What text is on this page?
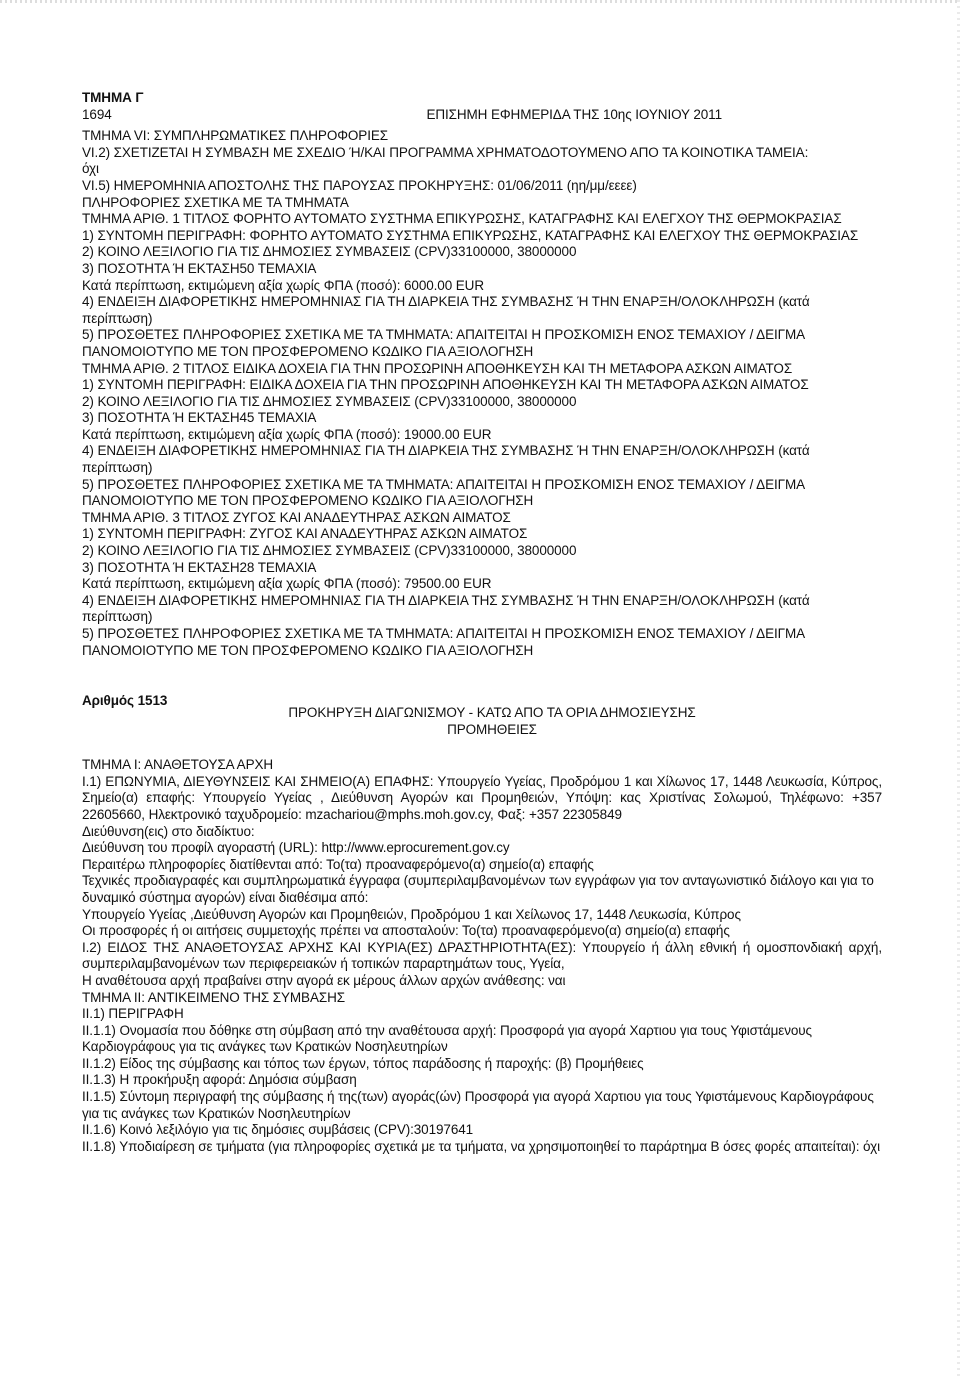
ΤΜΗΜΑ Γ

1694	ΕΠΙΣΗΜΗ ΕΦΗΜΕΡΙΔΑ ΤΗΣ 10ης ΙΟΥΝΙΟΥ 2011

ΤΜΗΜΑ VI: ΣΥΜΠΛΗΡΩΜΑΤΙΚΕΣ ΠΛΗΡΟΦΟΡΙΕΣ

VI.2) ΣΧΕΤΙΖΕΤΑΙ Η ΣΥΜΒΑΣΗ ΜΕ ΣΧΕΔΙΟ Ή/ΚΑΙ ΠΡΟΓΡΑΜΜΑ ΧΡΗΜΑΤΟΔΟΤΟΥΜΕΝΟ ΑΠΟ ΤΑ ΚΟΙΝΟΤΙΚΑ ΤΑΜΕΙΑ:

όχι

VI.5) ΗΜΕΡΟΜΗΝΙΑ ΑΠΟΣΤΟΛΗΣ ΤΗΣ ΠΑΡΟΥΣΑΣ ΠΡΟΚΗΡΥΞΗΣ: 01/06/2011 (ηη/μμ/εεεε)

ΠΛΗΡΟΦΟΡΙΕΣ ΣΧΕΤΙΚΑ ΜΕ ΤΑ ΤΜΗΜΑΤΑ

ΤΜΗΜΑ ΑΡΙΘ. 1 ΤΙΤΛΟΣ ΦΟΡΗΤΟ ΑΥΤΟΜΑΤΟ ΣΥΣΤΗΜΑ ΕΠΙΚΥΡΩΣΗΣ, ΚΑΤΑΓΡΑΦΗΣ ΚΑΙ ΕΛΕΓΧΟΥ ΤΗΣ ΘΕΡΜΟΚΡΑΣΙΑΣ

1) ΣΥΝΤΟΜΗ ΠΕΡΙΓΡΑΦΗ: ΦΟΡΗΤΟ ΑΥΤΟΜΑΤΟ ΣΥΣΤΗΜΑ ΕΠΙΚΥΡΩΣΗΣ, ΚΑΤΑΓΡΑΦΗΣ ΚΑΙ ΕΛΕΓΧΟΥ ΤΗΣ ΘΕΡΜΟΚΡΑΣΙΑΣ

2) ΚΟΙΝΟ ΛΕΞΙΛΟΓΙΟ ΓΙΑ ΤΙΣ ΔΗΜΟΣΙΕΣ ΣΥΜΒΑΣΕΙΣ (CPV)33100000, 38000000

3) ΠΟΣΟΤΗΤΑ Ή ΕΚΤΑΣΗ50 ΤΕΜΑΧΙΑ

Κατά περίπτωση, εκτιμώμενη αξία χωρίς ΦΠΑ (ποσό): 6000.00 EUR

4) ΕΝΔΕΙΞΗ ΔΙΑΦΟΡΕΤΙΚΗΣ ΗΜΕΡΟΜΗΝΙΑΣ ΓΙΑ ΤΗ ΔΙΑΡΚΕΙΑ ΤΗΣ ΣΥΜΒΑΣΗΣ Ή ΤΗΝ ΕΝΑΡΞΗ/ΟΛΟΚΛΗΡΩΣΗ (κατά περίπτωση)

5) ΠΡΟΣΘΕΤΕΣ ΠΛΗΡΟΦΟΡΙΕΣ ΣΧΕΤΙΚΑ ΜΕ ΤΑ ΤΜΗΜΑΤΑ: ΑΠΑΙΤΕΙΤΑΙ Η ΠΡΟΣΚΟΜΙΣΗ ΕΝΟΣ ΤΕΜΑΧΙΟΥ / ΔΕΙΓΜΑ ΠΑΝΟΜΟΙΟΤΥΠΟ ΜΕ ΤΟΝ ΠΡΟΣΦΕΡΟΜΕΝΟ ΚΩΔΙΚΟ ΓΙΑ ΑΞΙΟΛΟΓΗΣΗ

ΤΜΗΜΑ ΑΡΙΘ. 2 ΤΙΤΛΟΣ ΕΙΔΙΚΑ ΔΟΧΕΙΑ ΓΙΑ ΤΗΝ ΠΡΟΣΩΡΙΝΗ ΑΠΟΘΗΚΕΥΣΗ ΚΑΙ ΤΗ ΜΕΤΑΦΟΡΑ ΑΣΚΩΝ ΑΙΜΑΤΟΣ

1) ΣΥΝΤΟΜΗ ΠΕΡΙΓΡΑΦΗ: ΕΙΔΙΚΑ ΔΟΧΕΙΑ ΓΙΑ ΤΗΝ ΠΡΟΣΩΡΙΝΗ ΑΠΟΘΗΚΕΥΣΗ ΚΑΙ ΤΗ ΜΕΤΑΦΟΡΑ ΑΣΚΩΝ ΑΙΜΑΤΟΣ

2) ΚΟΙΝΟ ΛΕΞΙΛΟΓΙΟ ΓΙΑ ΤΙΣ ΔΗΜΟΣΙΕΣ ΣΥΜΒΑΣΕΙΣ (CPV)33100000, 38000000

3) ΠΟΣΟΤΗΤΑ Ή ΕΚΤΑΣΗ45 ΤΕΜΑΧΙΑ

Κατά περίπτωση, εκτιμώμενη αξία χωρίς ΦΠΑ (ποσό): 19000.00 EUR

4) ΕΝΔΕΙΞΗ ΔΙΑΦΟΡΕΤΙΚΗΣ ΗΜΕΡΟΜΗΝΙΑΣ ΓΙΑ ΤΗ ΔΙΑΡΚΕΙΑ ΤΗΣ ΣΥΜΒΑΣΗΣ Ή ΤΗΝ ΕΝΑΡΞΗ/ΟΛΟΚΛΗΡΩΣΗ (κατά περίπτωση)

5) ΠΡΟΣΘΕΤΕΣ ΠΛΗΡΟΦΟΡΙΕΣ ΣΧΕΤΙΚΑ ΜΕ ΤΑ ΤΜΗΜΑΤΑ: ΑΠΑΙΤΕΙΤΑΙ Η ΠΡΟΣΚΟΜΙΣΗ ΕΝΟΣ ΤΕΜΑΧΙΟΥ / ΔΕΙΓΜΑ ΠΑΝΟΜΟΙΟΤΥΠΟ ΜΕ ΤΟΝ ΠΡΟΣΦΕΡΟΜΕΝΟ ΚΩΔΙΚΟ ΓΙΑ ΑΞΙΟΛΟΓΗΣΗ

ΤΜΗΜΑ ΑΡΙΘ. 3 ΤΙΤΛΟΣ ΖΥΓΟΣ ΚΑΙ ΑΝΑΔΕΥΤΗΡΑΣ ΑΣΚΩΝ ΑΙΜΑΤΟΣ

1) ΣΥΝΤΟΜΗ ΠΕΡΙΓΡΑΦΗ: ΖΥΓΟΣ ΚΑΙ ΑΝΑΔΕΥΤΗΡΑΣ ΑΣΚΩΝ ΑΙΜΑΤΟΣ

2) ΚΟΙΝΟ ΛΕΞΙΛΟΓΙΟ ΓΙΑ ΤΙΣ ΔΗΜΟΣΙΕΣ ΣΥΜΒΑΣΕΙΣ (CPV)33100000, 38000000

3) ΠΟΣΟΤΗΤΑ Ή ΕΚΤΑΣΗ28 ΤΕΜΑΧΙΑ

Κατά περίπτωση, εκτιμώμενη αξία χωρίς ΦΠΑ (ποσό): 79500.00 EUR

4) ΕΝΔΕΙΞΗ ΔΙΑΦΟΡΕΤΙΚΗΣ ΗΜΕΡΟΜΗΝΙΑΣ ΓΙΑ ΤΗ ΔΙΑΡΚΕΙΑ ΤΗΣ ΣΥΜΒΑΣΗΣ Ή ΤΗΝ ΕΝΑΡΞΗ/ΟΛΟΚΛΗΡΩΣΗ (κατά περίπτωση)

5) ΠΡΟΣΘΕΤΕΣ ΠΛΗΡΟΦΟΡΙΕΣ ΣΧΕΤΙΚΑ ΜΕ ΤΑ ΤΜΗΜΑΤΑ: ΑΠΑΙΤΕΙΤΑΙ Η ΠΡΟΣΚΟΜΙΣΗ ΕΝΟΣ ΤΕΜΑΧΙΟΥ / ΔΕΙΓΜΑ ΠΑΝΟΜΟΙΟΤΥΠΟ ΜΕ ΤΟΝ ΠΡΟΣΦΕΡΟΜΕΝΟ ΚΩΔΙΚΟ ΓΙΑ ΑΞΙΟΛΟΓΗΣΗ

Αριθμός 1513

ΠΡΟΚΗΡΥΞΗ ΔΙΑΓΩΝΙΣΜΟΥ - ΚΑΤΩ ΑΠΟ ΤΑ ΟΡΙΑ ΔΗΜΟΣΙΕΥΣΗΣ

ΠΡΟΜΗΘΕΙΕΣ

ΤΜΗΜΑ Ι: ΑΝΑΘΕΤΟΥΣΑ ΑΡΧΗ

Ι.1) ΕΠΩΝΥΜΙΑ, ΔΙΕΥΘΥΝΣΕΙΣ ΚΑΙ ΣΗΜΕΙΟ(Α) ΕΠΑΦΗΣ: Υπουργείο Υγείας, Προδρόμου 1 και Χίλωνος 17, 1448 Λευκωσία, Κύπρος, Σημείο(α) επαφής: Υπουργείο Υγείας , Διεύθυνση Αγορών και Προμηθειών, Υπόψη: κας Χριστίνας Σολωμού, Τηλέφωνο: +357 22605660, Ηλεκτρονικό ταχυδρομείο: mzachariou@mphs.moh.gov.cy, Φαξ: +357 22305849

Διεύθυνση(εις) στο διαδίκτυο:

Διεύθυνση του προφίλ αγοραστή (URL): http://www.eprocurement.gov.cy

Περαιτέρω πληροφορίες διατίθενται από: Το(τα) προαναφερόμενο(α) σημείο(α) επαφής

Τεχνικές προδιαγραφές και συμπληρωματικά έγγραφα (συμπεριλαμβανομένων των εγγράφων για τον ανταγωνιστικό διάλογο και για το δυναμικό σύστημα αγορών) είναι διαθέσιμα από:

Υπουργείο Υγείας ,Διεύθυνση Αγορών και Προμηθειών, Προδρόμου 1 και Χείλωνος 17, 1448 Λευκωσία, Κύπρος

Οι προσφορές ή οι αιτήσεις συμμετοχής πρέπει να αποσταλούν: Το(τα) προαναφερόμενο(α) σημείο(α) επαφής

Ι.2) ΕΙΔΟΣ ΤΗΣ ΑΝΑΘΕΤΟΥΣΑΣ ΑΡΧΗΣ ΚΑΙ ΚΥΡΙΑ(ΕΣ) ΔΡΑΣΤΗΡΙΟΤΗΤΑ(ΕΣ): Υπουργείο ή άλλη εθνική ή ομοσπονδιακή αρχή, συμπεριλαμβανομένων των περιφερειακών ή τοπικών παραρτημάτων τους, Υγεία,

Η αναθέτουσα αρχή πραβαίνει στην αγορά εκ μέρους άλλων αρχών ανάθεσης: ναι

ΤΜΗΜΑ ΙΙ: ΑΝΤΙΚΕΙΜΕΝΟ ΤΗΣ ΣΥΜΒΑΣΗΣ

ΙΙ.1) ΠΕΡΙΓΡΑΦΗ

ΙΙ.1.1) Ονομασία που δόθηκε στη σύμβαση από την αναθέτουσα αρχή: Προσφορά για αγορά Χαρτιου για τους Υφιστάμενους Καρδιογράφους για τις ανάγκες των Κρατικών Νοσηλευτηρίων

ΙΙ.1.2) Είδος της σύμβασης και τόπος των έργων, τόπος παράδοσης ή παροχής: (β) Προμήθειες

ΙΙ.1.3) Η προκήρυξη αφορά: Δημόσια σύμβαση

ΙΙ.1.5) Σύντομη περιγραφή της σύμβασης ή της(των) αγοράς(ών) Προσφορά για αγορά Χαρτιου για τους Υφιστάμενους Καρδιογράφους για τις ανάγκες των Κρατικών Νοσηλευτηρίων

ΙΙ.1.6) Κοινό λεξιλόγιο για τις δημόσιες συμβάσεις (CPV):30197641

ΙΙ.1.8) Υποδιαίρεση σε τμήματα (για πληροφορίες σχετικά με τα τμήματα, να χρησιμοποιηθεί το παράρτημα Β όσες φορές απαιτείται): όχι
